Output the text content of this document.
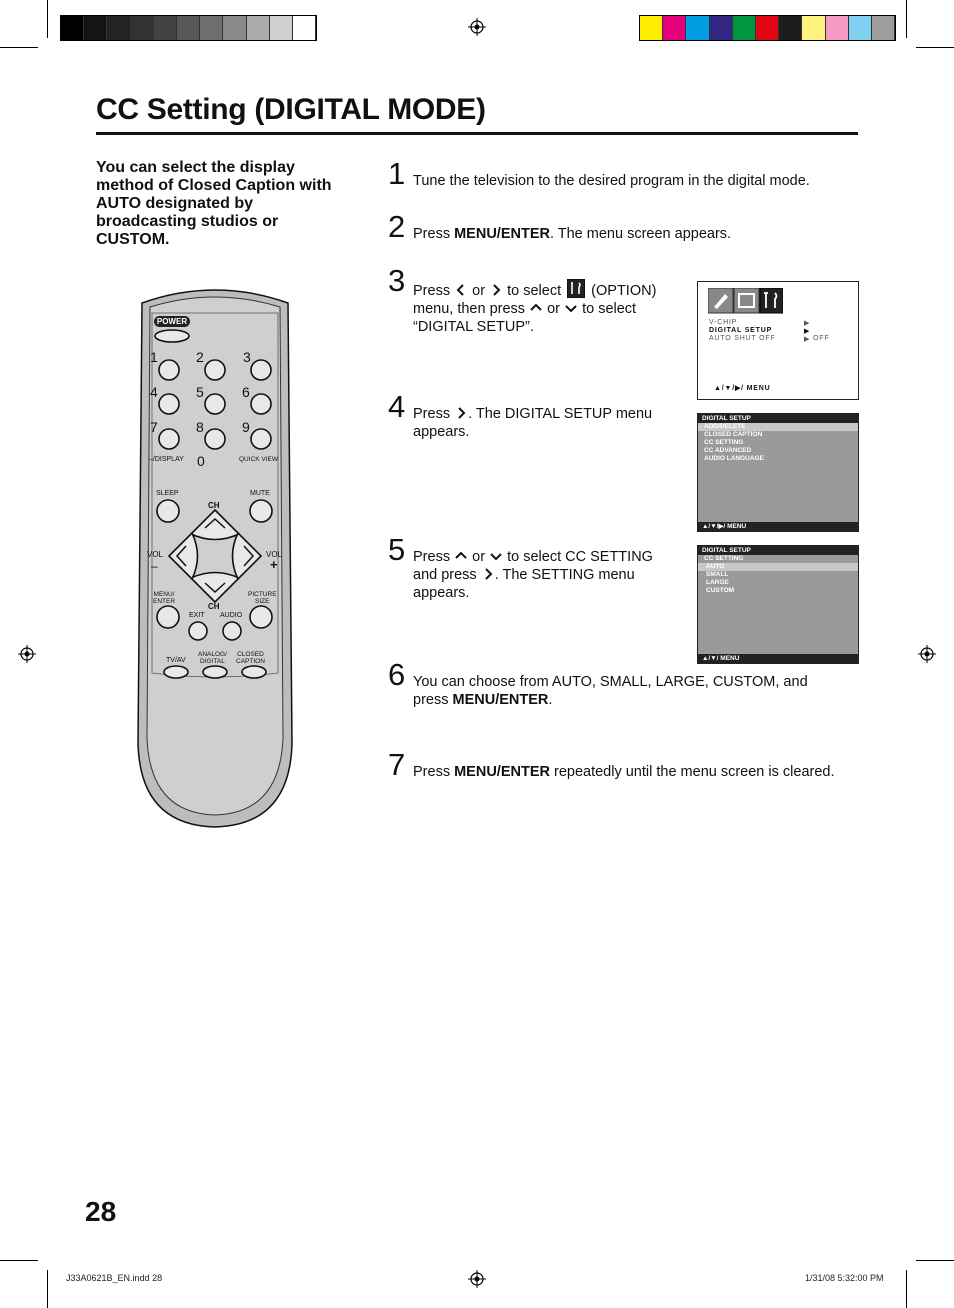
CC Setting (DIGITAL MODE)
You can select the display method of Closed Caption with AUTO designated by broadcasting studios or CUSTOM.
POWER
1	2	3
4	5	6
7	8	9
0
–/DISPLAY	QUICK VIEW
SLEEP	MUTE
CH
CH
VOL
–
VOL
+
MENU/
ENTER
PICTURE
SIZE
EXIT AUDIO
TV/AV
ANALOG/
DIGITAL
CLOSED
CAPTION
1 Tune the television to the desired program in the digital mode.
2 Press MENU/ENTER. The menu screen appears.
3 Press or to select (OPTION)
menu, then press or to select
“DIGITAL SETUP”.
4 Press . The DIGITAL SETUP menu
appears.
5 Press or to select CC SETTING
and press . The SETTING menu
appears.
6 You can choose from AUTO, SMALL, LARGE, CUSTOM, and
press MENU/ENTER.
7 Press MENU/ENTER repeatedly until the menu screen is cleared.
V-CHIP
DIGITAL SETUP
AUTO SHUT OFF
▶
▶
▶ OFF
▲/▼/▶/ MENU
DIGITAL SETUP
ADD/DELETE
CLOSED CAPTION
CC SETTING
CC ADVANCED
AUDIO LANGUAGE
▲/▼/▶/ MENU
DIGITAL SETUP
CC SETTING
AUTO
SMALL
LARGE
CUSTOM
▲/▼/ MENU
28
J33A0621B_EN.indd 28	1/31/08 5:32:00 PM
